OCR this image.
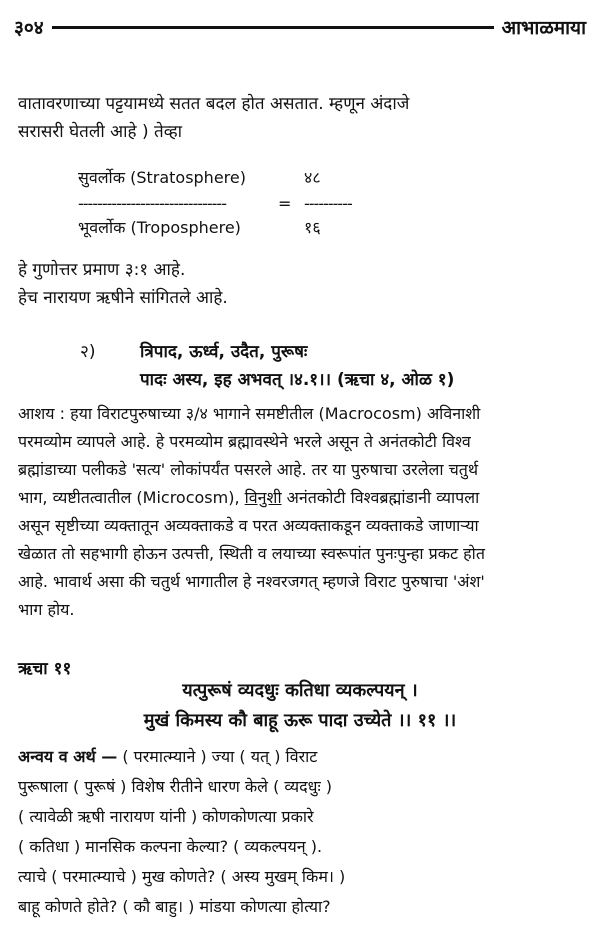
३०४	आभाळमाया

वातावरणाच्या पट्टयामध्ये सतत बदल होत असतात. म्हणून अंदाजे
सरासरी घेतली आहे ) तेव्हा

सुवर्लोक (Stratosphere)	४८
-------------------------------	= ----------
भूवर्लोक (Troposphere)	१६

हे गुणोत्तर प्रमाण ३:१ आहे.
हेच नारायण ऋषीने सांगितले आहे.

२)	त्रिपाद, ऊर्ध्व, उदैत, पुरूषः
पादः अस्य, इह अभवत् ।४.१।। (ऋचा ४, ओळ १)

आशय : हया विराटपुरुषाच्या ३/४ भागाने समष्टीतील (Macrocosm) अविनाशी
परमव्योम व्यापले आहे. हे परमव्योम ब्रह्मावस्थेने भरले असून ते अनंतकोटी विश्व
ब्रह्मांडाच्या पलीकडे 'सत्य' लोकांपर्यंत पसरले आहे. तर या पुरुषाचा उरलेला चतुर्थ
भाग, व्यष्टीतत्वातील (Microcosm), विनुशी अनंतकोटी विश्वब्रह्मांडानी व्यापला
असून सृष्टीच्या व्यक्तातून अव्यक्ताकडे व परत अव्यक्ताकडून व्यक्ताकडे जाणाऱ्या
खेळात तो सहभागी होऊन उत्पत्ती, स्थिती व लयाच्या स्वरूपांत पुनःपुन्हा प्रकट होत
आहे. भावार्थ असा की चतुर्थ भागातील हे नश्वरजगत् म्हणजे विराट पुरुषाचा 'अंश'
भाग होय.

ऋचा ११
यत्पुरूषं व्यदधुः कतिधा व्यकल्पयन् ।
मुखं किमस्य कौ बाहू ऊरू पादा उच्येते ।। ११ ।।

अन्वय व अर्थ — ( परमात्म्याने ) ज्या ( यत् ) विराट
पुरूषाला ( पुरूषं ) विशेष रीतीने धारण केले ( व्यदधुः )
( त्यावेळी ऋषी नारायण यांनी ) कोणकोणत्या प्रकारे
( कतिधा ) मानसिक कल्पना केल्या? ( व्यकल्पयन् ).
त्याचे ( परमात्म्याचे ) मुख कोणते? ( अस्य मुखम् किम। )
बाहू कोणते होते? ( कौ बाहु। ) मांडया कोणत्या होत्या?
